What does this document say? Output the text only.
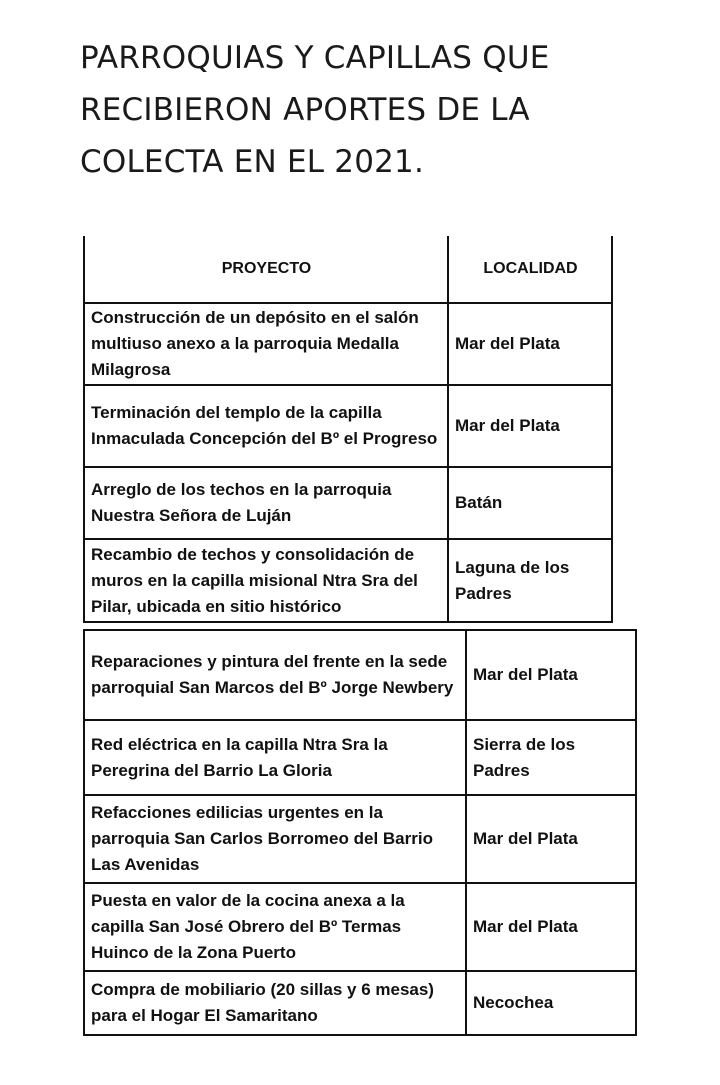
PARROQUIAS Y CAPILLAS QUE RECIBIERON APORTES DE LA COLECTA EN EL 2021.
PROYECTO	LOCALIDAD
Construcción de un depósito en el salón multiuso anexo a la parroquia Medalla Milagrosa	Mar del Plata
Terminación del templo de la capilla Inmaculada Concepción del Bº el Progreso	Mar del Plata
Arreglo de los techos en la parroquia Nuestra Señora de Luján	Batán
Recambio de techos y consolidación de muros en la capilla misional Ntra Sra del Pilar, ubicada en sitio histórico	Laguna de los Padres
Reparaciones y pintura del frente en la sede parroquial San Marcos del Bº Jorge Newbery	Mar del Plata
Red eléctrica en la capilla Ntra Sra la Peregrina del Barrio La Gloria	Sierra de los Padres
Refacciones edilicias urgentes en la parroquia San Carlos Borromeo del Barrio Las Avenidas	Mar del Plata
Puesta en valor de la cocina anexa a la capilla San José Obrero del Bº Termas Huinco de la Zona Puerto	Mar del Plata
Compra de mobiliario (20 sillas y 6 mesas) para el Hogar El Samaritano	Necochea
